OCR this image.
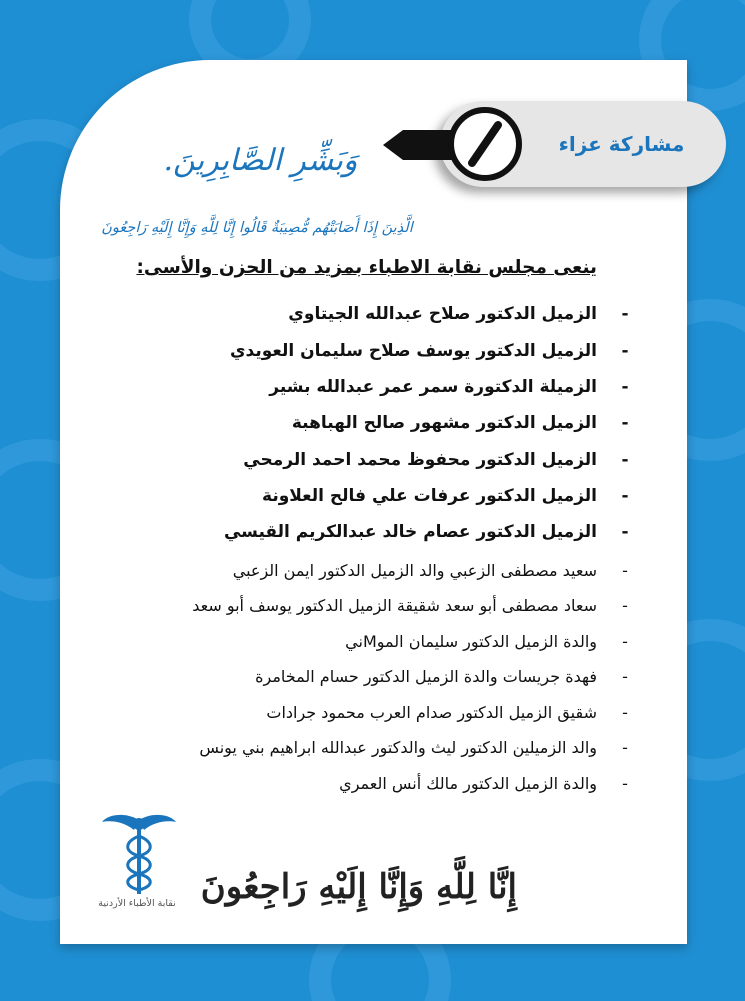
مشاركة عزاء
وَبَشِّرِ الصَّابِرِينَ.
الَّذِينَ إِذَا أَصَابَتْهُم مُّصِيبَةٌ قَالُوا إِنَّا لِلَّهِ وَإِنَّا إِلَيْهِ رَاجِعُونَ
ينعى مجلس نقابة الاطباء بمزيد من الحزن والأسى:
-الزميل الدكتور صلاح عبدالله الجيتاوي
-الزميل الدكتور يوسف صلاح سليمان العويدي
-الزميلة الدكتورة سمر عمر عبدالله بشير
-الزميل الدكتور مشهور صالح الهباهبة
-الزميل الدكتور محفوظ محمد احمد الرمحي
-الزميل الدكتور عرفات علي فالح العلاونة
-الزميل الدكتور عصام خالد عبدالكريم القيسي
-سعيد مصطفى الزعبي والد الزميل الدكتور ايمن الزعبي
-سعاد مصطفى أبو سعد شقيقة الزميل الدكتور يوسف أبو سعد
-والدة الزميل الدكتور سليمان الموMني
-فهدة جريسات والدة الزميل الدكتور حسام المخامرة
-شقيق الزميل الدكتور صدام العرب محمود جرادات
-والد الزميلين الدكتور ليث والدكتور عبدالله ابراهيم بني يونس
-والدة الزميل الدكتور مالك أنس العمري
نقابة الأطباء الأردنية إِنَّا لِلَّهِ وَإِنَّا إِلَيْهِ رَاجِعُونَ
